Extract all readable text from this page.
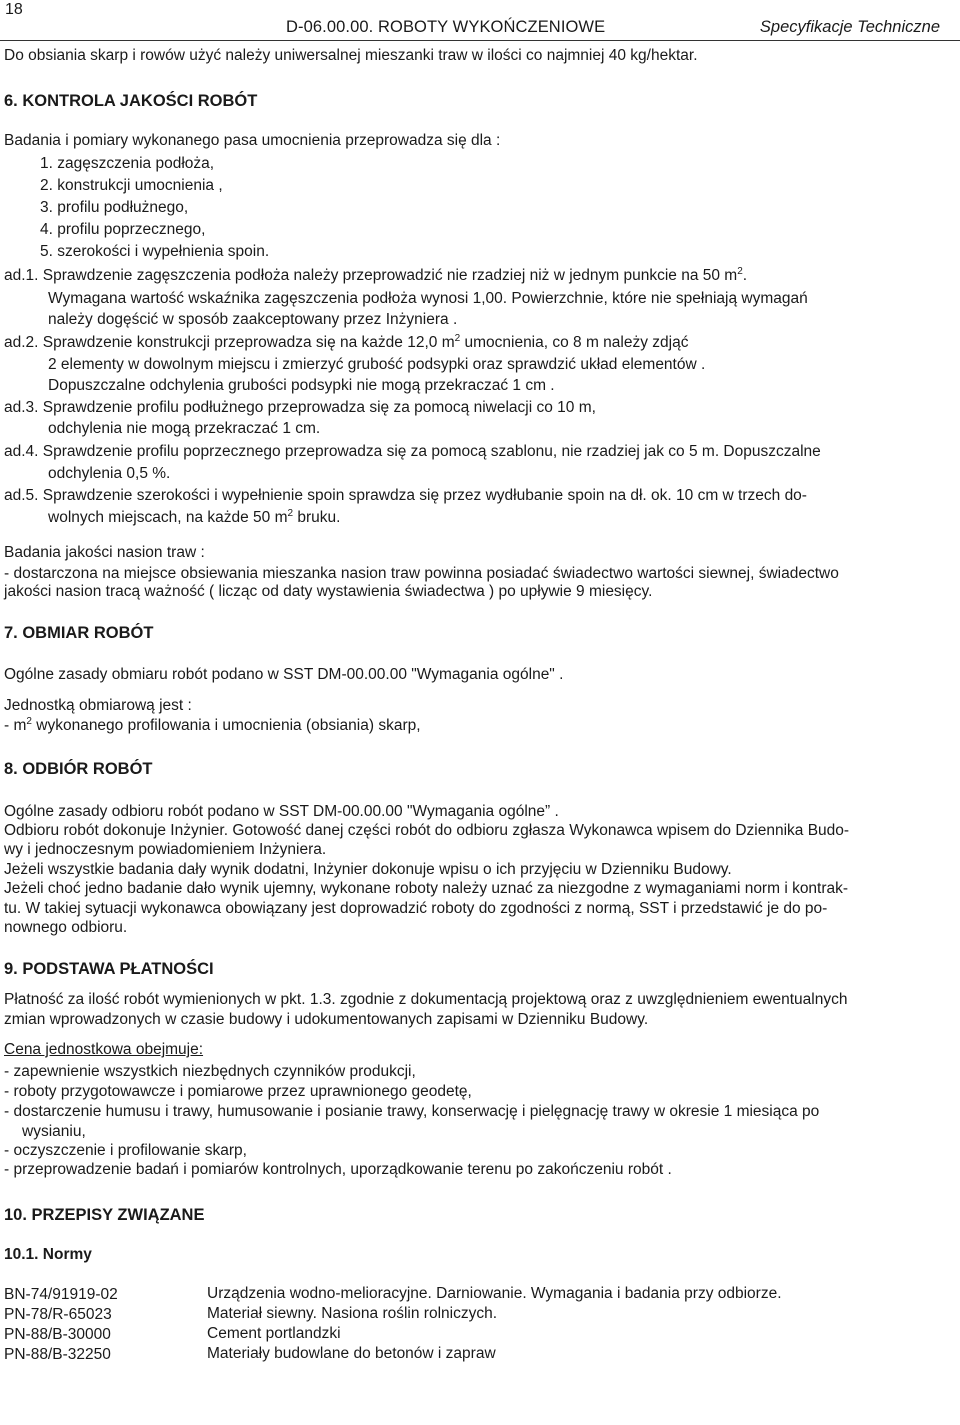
18
D-06.00.00. ROBOTY WYKOŃCZENIOWE	Specyfikacje Techniczne
Do obsiania skarp i rowów użyć należy uniwersalnej mieszanki traw w ilości co najmniej 40 kg/hektar.
6. KONTROLA JAKOŚCI ROBÓT
Badania i pomiary wykonanego pasa umocnienia przeprowadza się dla :
1. zagęszczenia podłoża,
2. konstrukcji umocnienia ,
3. profilu podłużnego,
4. profilu poprzecznego,
5. szerokości i wypełnienia spoin.
ad.1. Sprawdzenie zagęszczenia podłoża należy przeprowadzić nie rzadziej niż w jednym punkcie na 50 $m^2$.
Wymagana wartość wskaźnika zagęszczenia podłoża wynosi 1,00. Powierzchnie, które nie spełniają wymagań
należy dogęścić w sposób zaakceptowany przez Inżyniera .
ad.2. Sprawdzenie konstrukcji przeprowadza się na każde 12,0 $m^2$ umocnienia, co 8 m należy zdjąć
2 elementy w dowolnym miejscu i zmierzyć grubość podsypki oraz sprawdzić układ elementów .
Dopuszczalne odchylenia grubości podsypki nie mogą przekraczać 1 cm .
ad.3. Sprawdzenie profilu podłużnego przeprowadza się za pomocą niwelacji co 10 m,
odchylenia nie mogą przekraczać 1 cm.
ad.4. Sprawdzenie profilu poprzecznego przeprowadza się za pomocą szablonu, nie rzadziej jak co 5 m. Dopuszczalne
odchylenia 0,5 %.
ad.5. Sprawdzenie szerokości i wypełnienie spoin sprawdza się przez wydłubanie spoin na dł. ok. 10 cm w trzech do-
wolnych miejscach, na każde 50 $m^2$ bruku.
Badania jakości nasion traw :
- dostarczona na miejsce obsiewania mieszanka nasion traw powinna posiadać świadectwo wartości siewnej, świadectwo
jakości nasion tracą ważność ( licząc od daty wystawienia świadectwa ) po upływie 9 miesięcy.
7. OBMIAR ROBÓT
Ogólne zasady obmiaru robót podano w SST DM-00.00.00 "Wymagania ogólne" .
Jednostką obmiarową jest :
- $m^2$ wykonanego profilowania i umocnienia (obsiania) skarp,
8. ODBIÓR ROBÓT
Ogólne zasady odbioru robót podano w SST DM-00.00.00 "Wymagania ogólne” .
Odbioru robót dokonuje Inżynier. Gotowość danej części robót do odbioru zgłasza Wykonawca wpisem do Dziennika Budo-
wy i jednoczesnym powiadomieniem Inżyniera.
Jeżeli wszystkie badania dały wynik dodatni, Inżynier dokonuje wpisu o ich przyjęciu w Dzienniku Budowy.
Jeżeli choć jedno badanie dało wynik ujemny, wykonane roboty należy uznać za niezgodne z wymaganiami norm i kontrak-
tu. W takiej sytuacji wykonawca obowiązany jest doprowadzić roboty do zgodności z normą, SST i przedstawić je do po-
nownego odbioru.
9. PODSTAWA PŁATNOŚCI
Płatność za ilość robót wymienionych w pkt. 1.3. zgodnie z dokumentacją projektową oraz z uwzględnieniem ewentualnych
zmian wprowadzonych w czasie budowy i udokumentowanych zapisami w Dzienniku Budowy.
Cena jednostkowa obejmuje:
- zapewnienie wszystkich niezbędnych czynników produkcji,
- roboty przygotowawcze i pomiarowe przez uprawnionego geodetę,
- dostarczenie humusu i trawy, humusowanie i posianie trawy, konserwację i pielęgnację trawy w okresie 1 miesiąca po
wysianiu,
- oczyszczenie i profilowanie skarp,
- przeprowadzenie badań i pomiarów kontrolnych, uporządkowanie terenu po zakończeniu robót .
10. PRZEPISY ZWIĄZANE
10.1. Normy
BN-74/91919-02	Urządzenia wodno-melioracyjne. Darniowanie. Wymagania i badania przy odbiorze.
PN-78/R-65023	Materiał siewny. Nasiona roślin rolniczych.
PN-88/B-30000	Cement portlandzki
PN-88/B-32250	Materiały budowlane do betonów i zapraw
